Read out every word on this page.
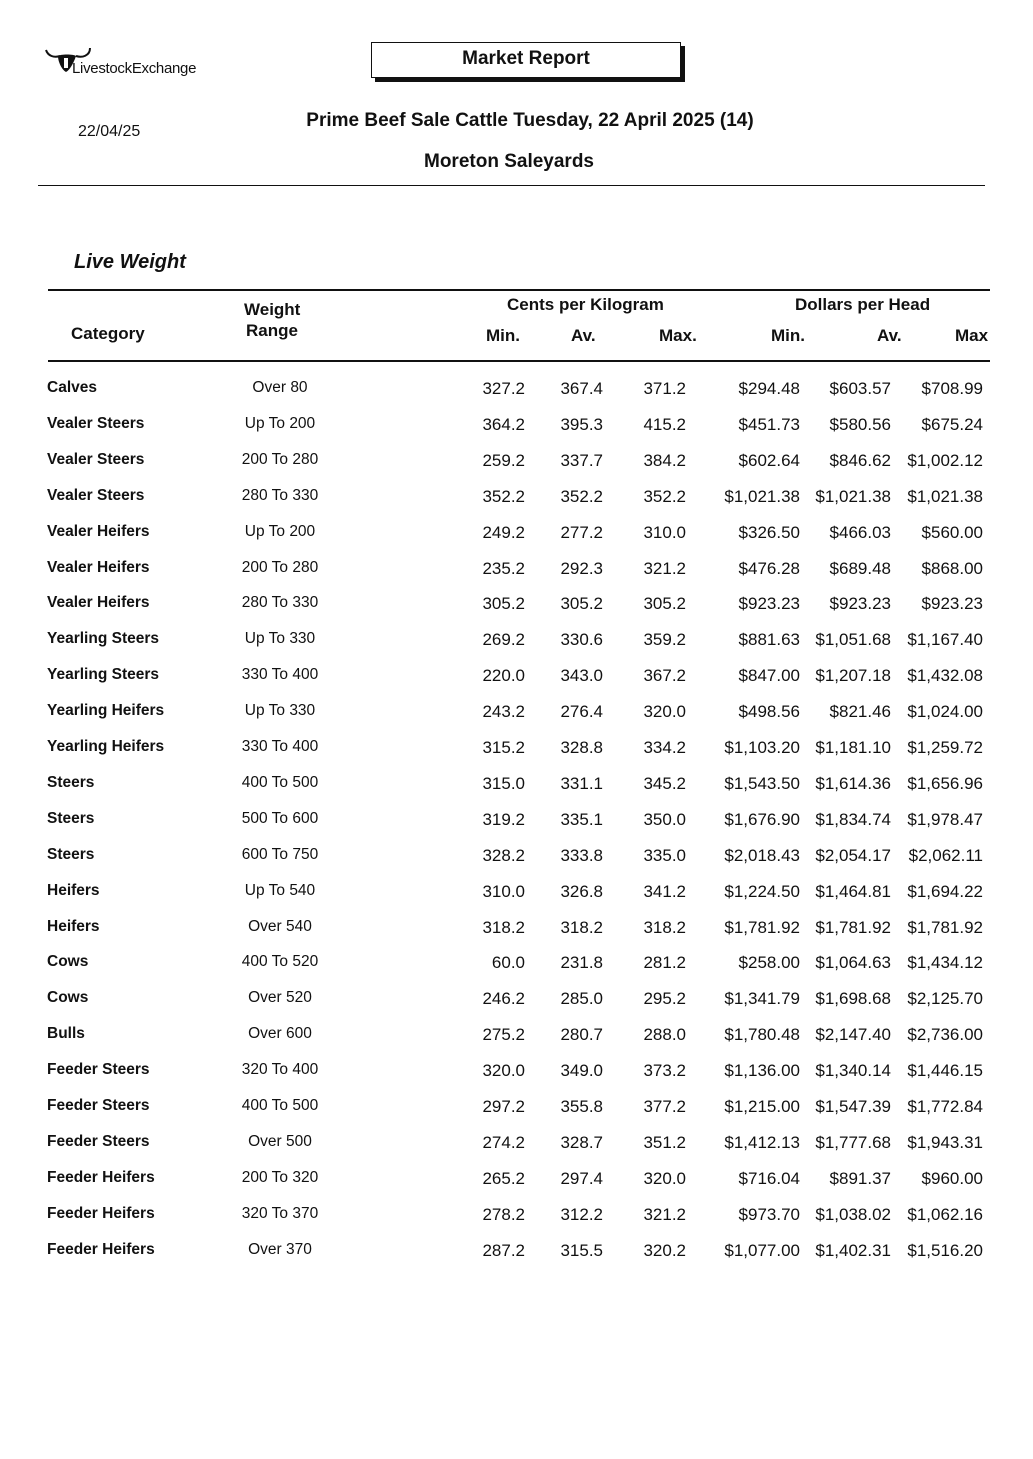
LivestockExchange	Market Report
22/04/25
Prime Beef Sale Cattle Tuesday, 22 April 2025 (14)
Moreton Saleyards
Live Weight
Category
Weight
Range
Cents per Kilogram	Dollars per Head
Min.	Av.	Max.	Min.	Av.	Max
Calves	Over 80	327.2 367.4 371.2	$294.48 $603.57 $708.99
Vealer Steers	Up To 200	364.2 395.3 415.2	$451.73 $580.56 $675.24
Vealer Steers	200 To 280	259.2 337.7 384.2	$602.64 $846.62 $1,002.12
Vealer Steers	280 To 330	352.2 352.2 352.2 $1,021.38 $1,021.38 $1,021.38
Vealer Heifers	Up To 200	249.2 277.2 310.0	$326.50 $466.03 $560.00
Vealer Heifers	200 To 280	235.2 292.3 321.2	$476.28 $689.48 $868.00
Vealer Heifers	280 To 330	305.2 305.2 305.2	$923.23 $923.23 $923.23
Yearling Steers	Up To 330	269.2 330.6 359.2	$881.63 $1,051.68 $1,167.40
Yearling Steers	330 To 400	220.0 343.0 367.2	$847.00 $1,207.18 $1,432.08
Yearling Heifers	Up To 330	243.2 276.4 320.0	$498.56 $821.46 $1,024.00
Yearling Heifers	330 To 400	315.2 328.8 334.2 $1,103.20 $1,181.10 $1,259.72
Steers	400 To 500	315.0 331.1 345.2 $1,543.50 $1,614.36 $1,656.96
Steers	500 To 600	319.2 335.1 350.0 $1,676.90 $1,834.74 $1,978.47
Steers	600 To 750	328.2 333.8 335.0 $2,018.43 $2,054.17 $2,062.11
Heifers	Up To 540	310.0 326.8 341.2 $1,224.50 $1,464.81 $1,694.22
Heifers	Over 540	318.2 318.2 318.2 $1,781.92 $1,781.92 $1,781.92
Cows	400 To 520	60.0 231.8 281.2	$258.00 $1,064.63 $1,434.12
Cows	Over 520	246.2 285.0 295.2 $1,341.79 $1,698.68 $2,125.70
Bulls	Over 600	275.2 280.7 288.0 $1,780.48 $2,147.40 $2,736.00
Feeder Steers	320 To 400	320.0 349.0 373.2 $1,136.00 $1,340.14 $1,446.15
Feeder Steers	400 To 500	297.2 355.8 377.2 $1,215.00 $1,547.39 $1,772.84
Feeder Steers	Over 500	274.2 328.7 351.2 $1,412.13 $1,777.68 $1,943.31
Feeder Heifers	200 To 320	265.2 297.4 320.0	$716.04 $891.37 $960.00
Feeder Heifers	320 To 370	278.2 312.2 321.2	$973.70 $1,038.02 $1,062.16
Feeder Heifers	Over 370	287.2 315.5 320.2 $1,077.00 $1,402.31 $1,516.20
